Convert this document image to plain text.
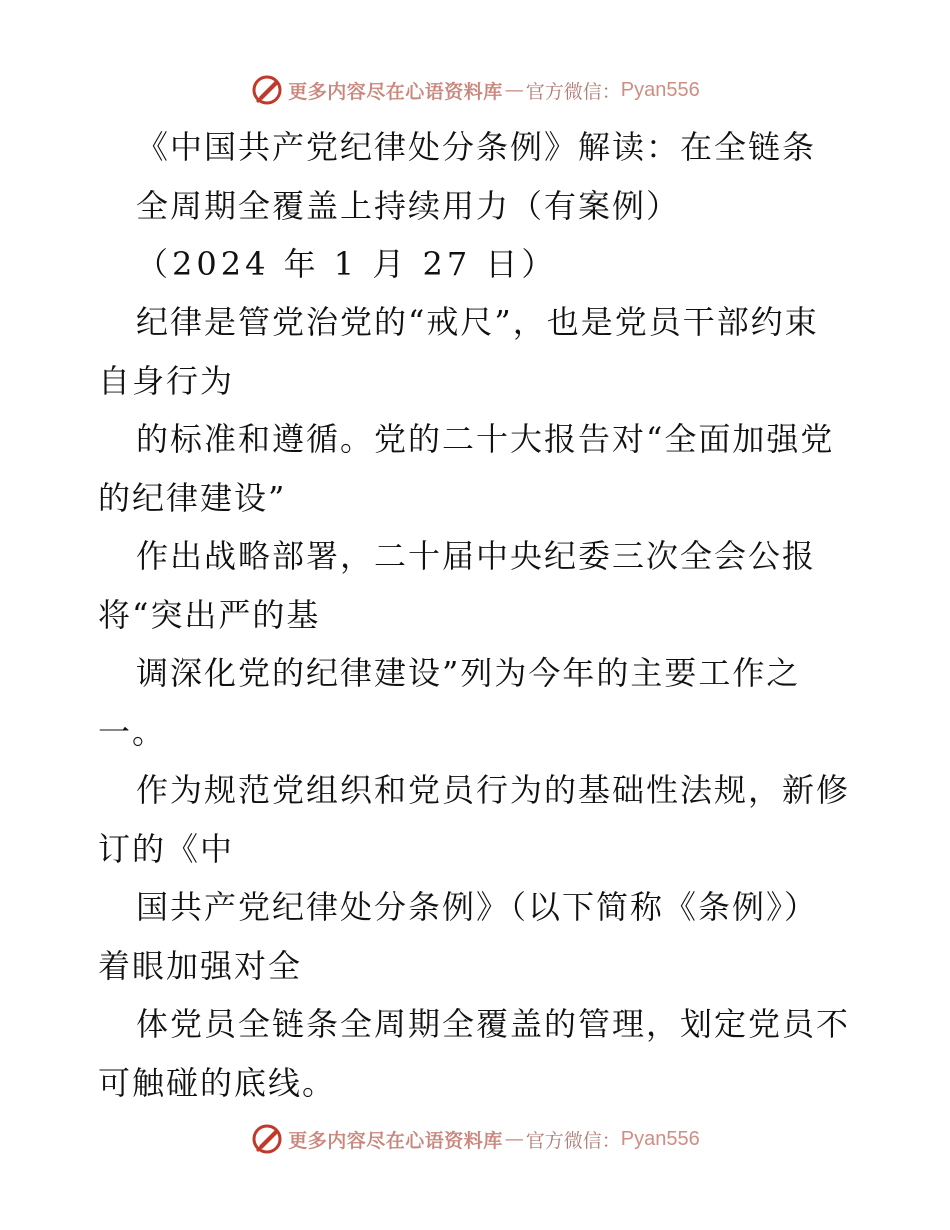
更多内容尽在心语资料库 — 官方微信： Pyan556
《中国共产党纪律处分条例》解读：在全链条
全周期全覆盖上持续用力（有案例）
（2024 年 1 月 27 日）
纪律是管党治党的“戒尺”，也是党员干部约束
自身行为
的标准和遵循。党的二十大报告对“全面加强党
的纪律建设”
作出战略部署，二十届中央纪委三次全会公报
将“突出严的基
调深化党的纪律建设”列为今年的主要工作之
一。
作为规范党组织和党员行为的基础性法规，新修
订的《中
国共产党纪律处分条例》（以下简称《条例》）
着眼加强对全
体党员全链条全周期全覆盖的管理，划定党员不
可触碰的底线。
更多内容尽在心语资料库 — 官方微信： Pyan556
